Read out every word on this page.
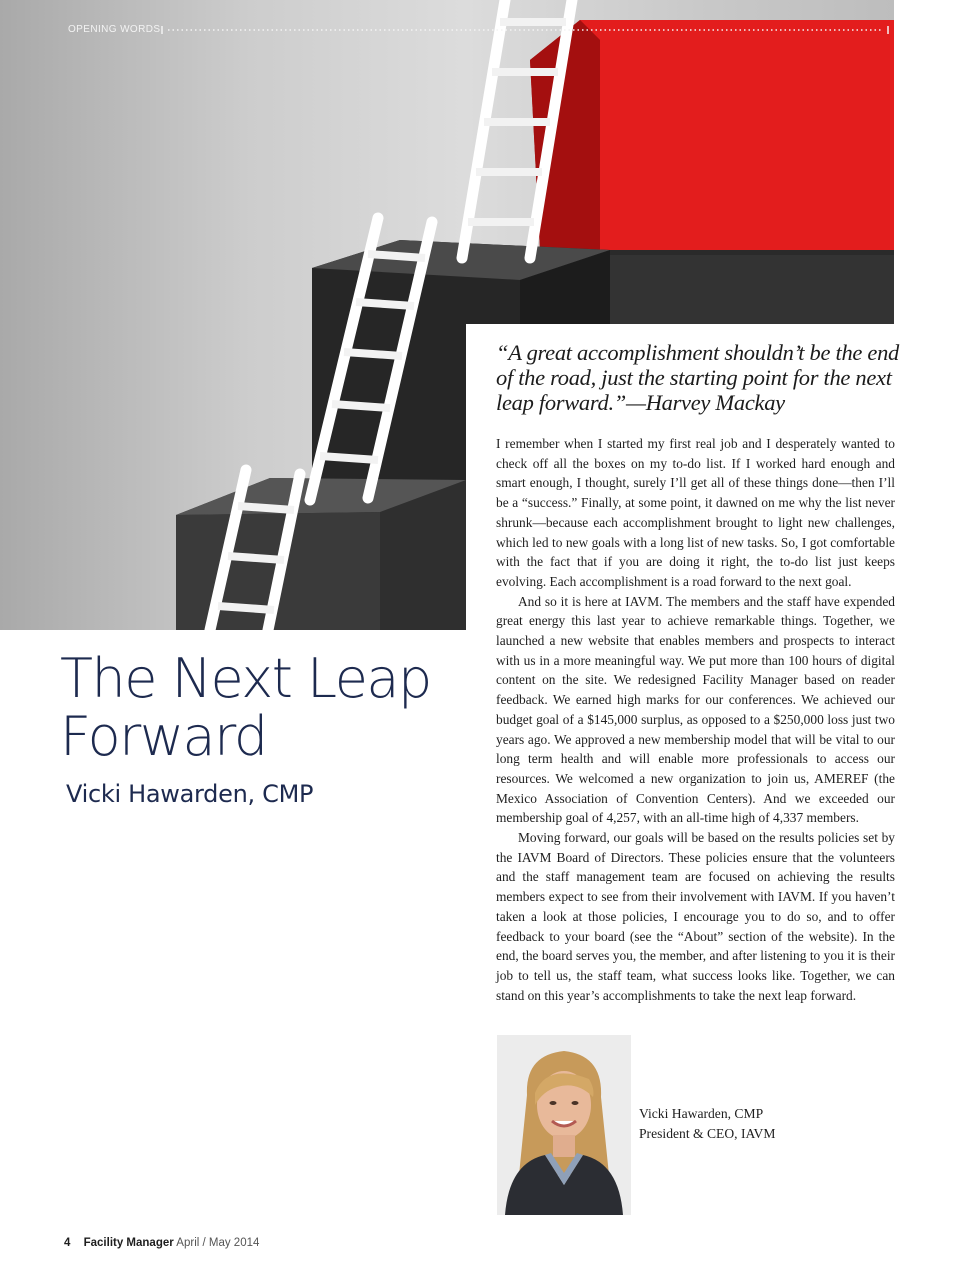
OPENING WORDS
The Next Leap Forward
Vicki Hawarden, CMP

“A great accomplishment shouldn’t be the end of the road, just the starting point for the next leap forward.”—Harvey Mackay

I remember when I started my first real job and I desperately wanted to check off all the boxes on my to-do list. If I worked hard enough and smart enough, I thought, surely I’ll get all of these things done—then I’ll be a “success.” Finally, at some point, it dawned on me why the list never shrunk—because each accomplishment brought to light new challenges, which led to new goals with a long list of new tasks. So, I got comfortable with the fact that if you are doing it right, the to-do list just keeps evolving. Each accomplishment is a road forward to the next goal.

And so it is here at IAVM. The members and the staff have expended great energy this last year to achieve remarkable things. Together, we launched a new website that enables members and prospects to interact with us in a more meaningful way. We put more than 100 hours of digital content on the site. We redesigned Facility Manager based on reader feedback. We earned high marks for our conferences. We achieved our budget goal of a $145,000 surplus, as opposed to a $250,000 loss just two years ago. We approved a new membership model that will be vital to our long term health and will enable more professionals to access our resources. We welcomed a new organization to join us, AMEREF (the Mexico Association of Convention Centers). And we exceeded our membership goal of 4,257, with an all-time high of 4,337 members.

Moving forward, our goals will be based on the results policies set by the IAVM Board of Directors. These policies ensure that the volunteers and the staff management team are focused on achieving the results members expect to see from their involvement with IAVM. If you haven’t taken a look at those policies, I encourage you to do so, and to offer feedback to your board (see the “About” section of the website). In the end, the board serves you, the member, and after listening to you it is their job to tell us, the staff team, what success looks like. Together, we can stand on this year’s accomplishments to take the next leap forward.

Vicki Hawarden, CMP
President & CEO, IAVM
4 Facility Manager April / May 2014
